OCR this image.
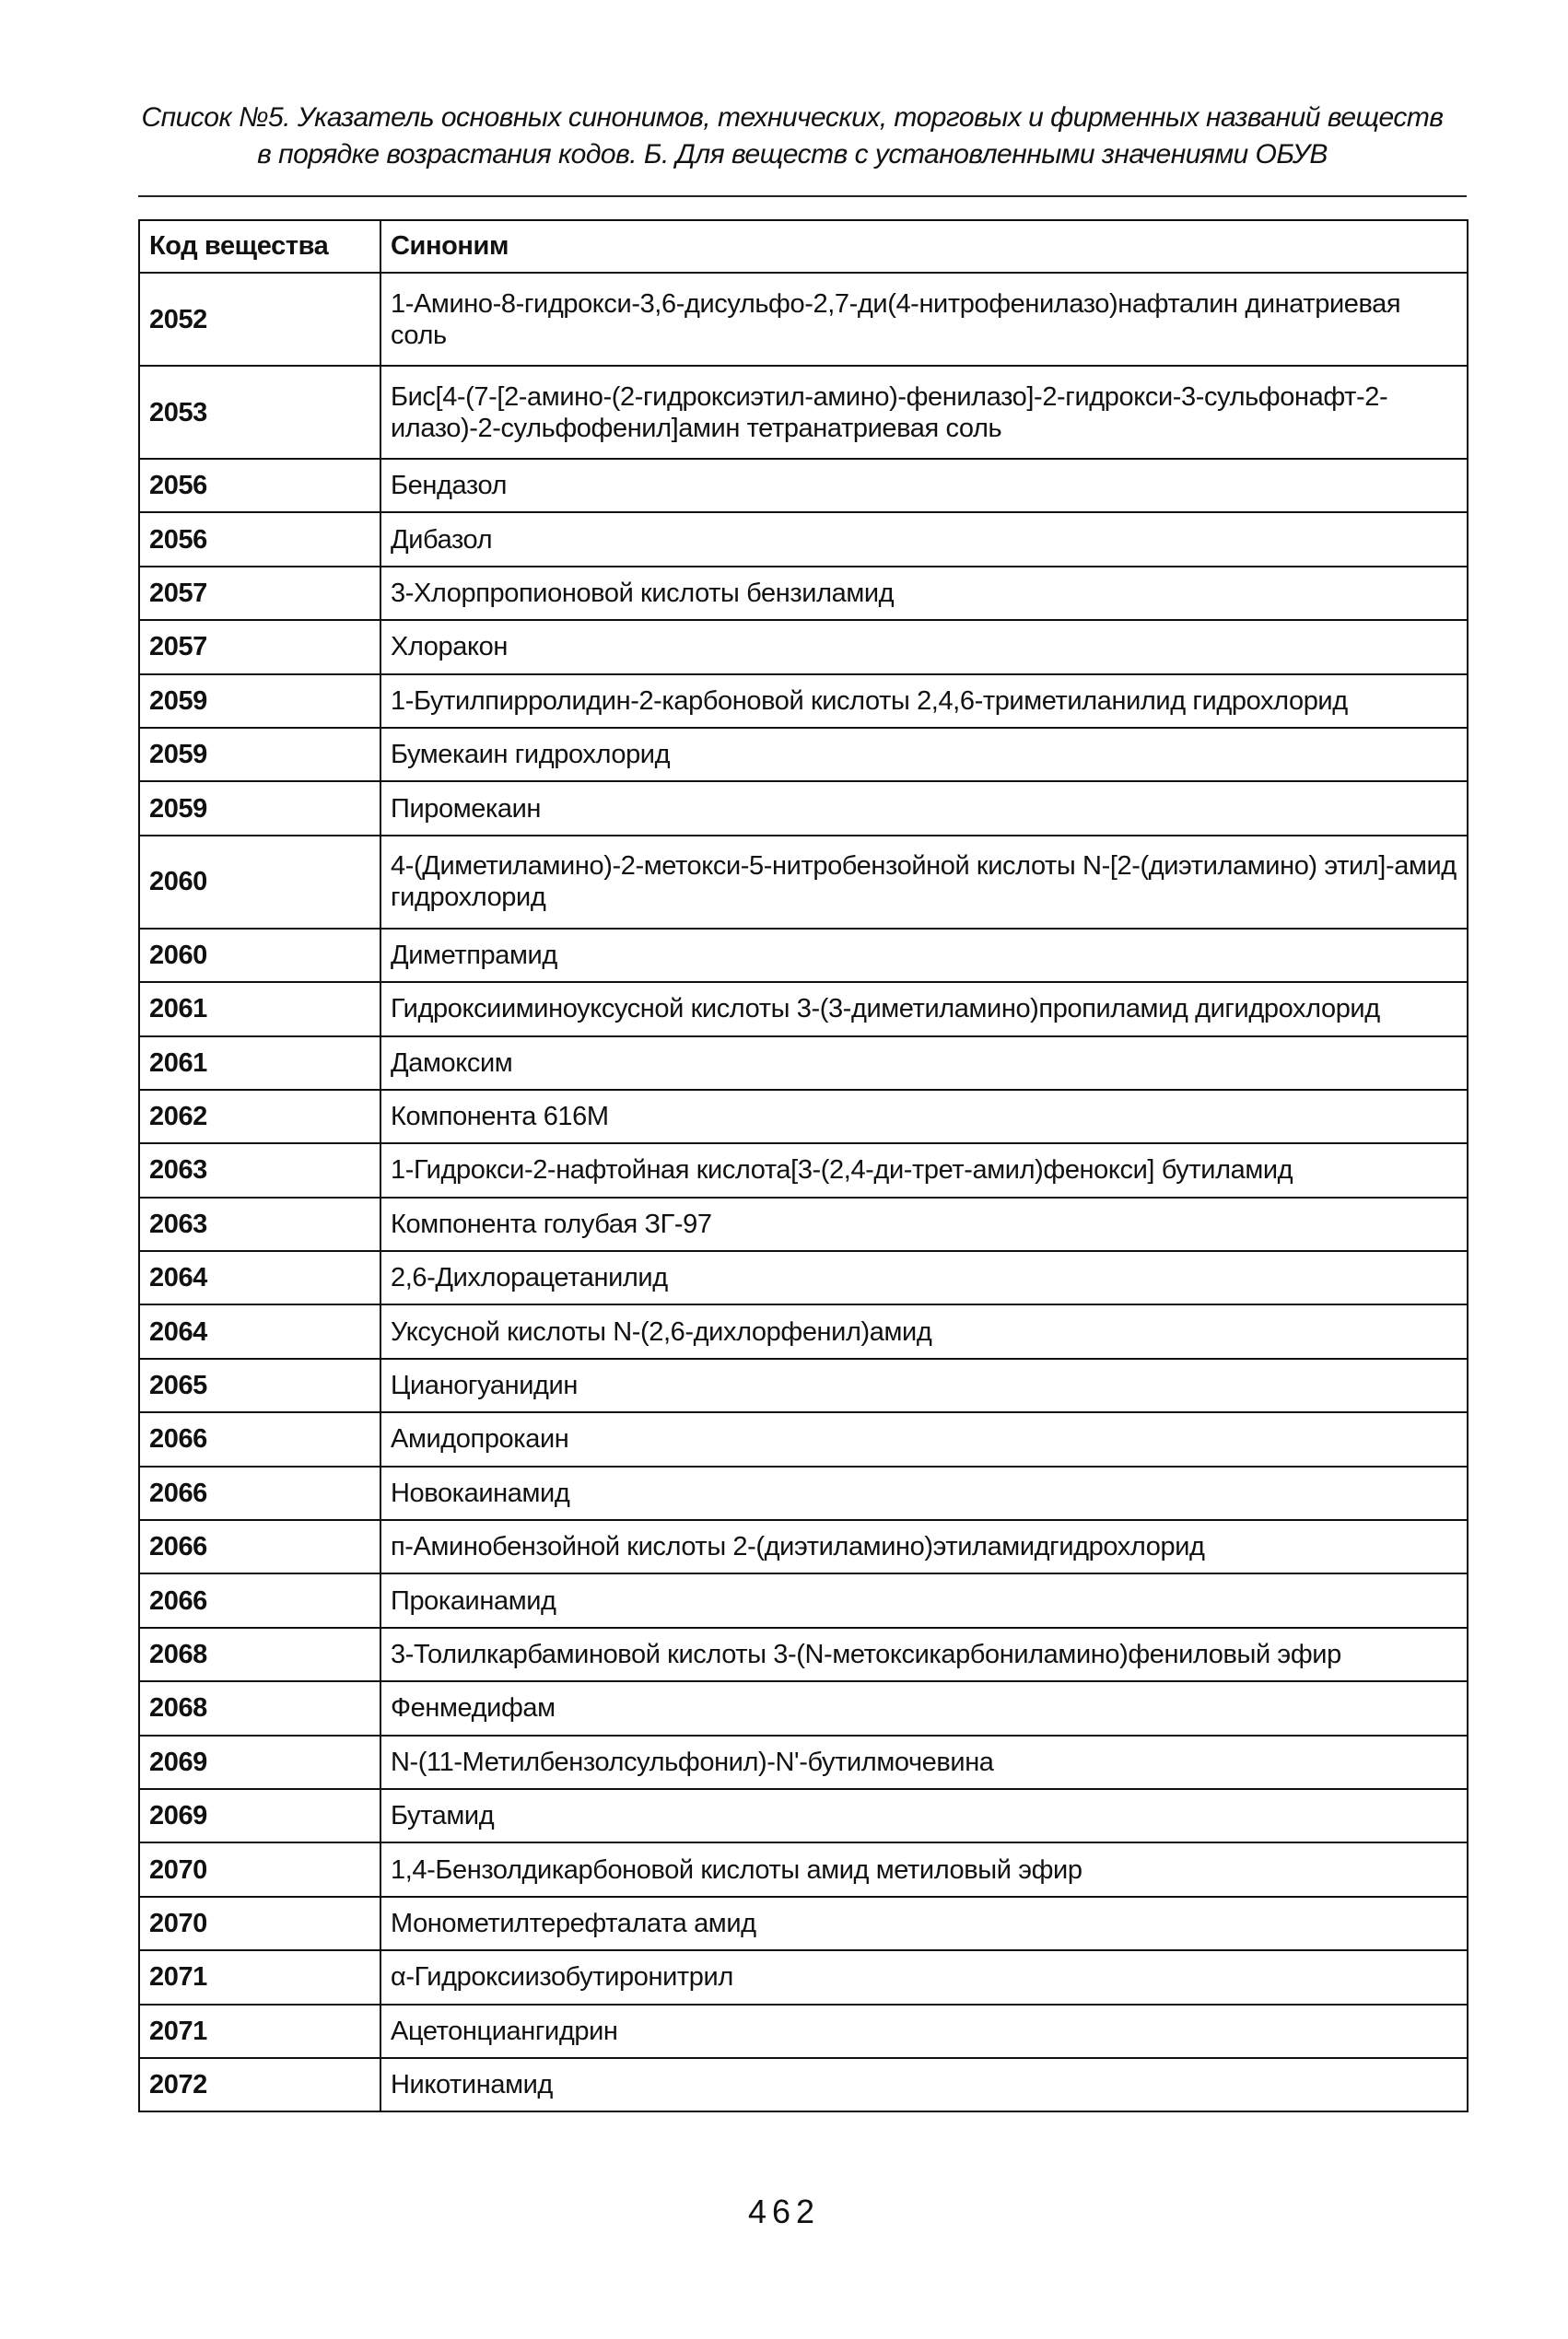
Список №5. Указатель основных синонимов, технических, торговых и фирменных названий веществ
в порядке возрастания кодов. Б. Для веществ с установленными значениями ОБУВ
Код вещества	Синоним
2052	1-Амино-8-гидрокси-3,6-дисульфо-2,7-ди(4-нитрофенилазо)нафталин динатриевая соль
2053	Бис[4-(7-[2-амино-(2-гидроксиэтил-амино)-фенилазо]-2-гидрокси-3-сульфонафт-2-илазо)-2-сульфофенил]амин тетранатриевая соль
2056	Бендазол
2056	Дибазол
2057	3-Хлорпропионовой кислоты бензиламид
2057	Хлоракон
2059	1-Бутилпирролидин-2-карбоновой кислоты 2,4,6-триметиланилид гидрохлорид
2059	Бумекаин гидрохлорид
2059	Пиромекаин
2060	4-(Диметиламино)-2-метокси-5-нитробензойной кислоты N-[2-(диэтиламино) этил]-амид гидрохлорид
2060	Диметпрамид
2061	Гидроксииминоуксусной кислоты 3-(3-диметиламино)пропиламид дигидрохлорид
2061	Дамоксим
2062	Компонента 616М
2063	1-Гидрокси-2-нафтойная кислота[3-(2,4-ди-трет-амил)фенокси] бутиламид
2063	Компонента голубая ЗГ-97
2064	2,6-Дихлорацетанилид
2064	Уксусной кислоты N-(2,6-дихлорфенил)амид
2065	Цианогуанидин
2066	Амидопрокаин
2066	Новокаинамид
2066	п-Аминобензойной кислоты 2-(диэтиламино)этиламидгидрохлорид
2066	Прокаинамид
2068	3-Толилкарбаминовой кислоты 3-(N-метоксикарбониламино)фениловый эфир
2068	Фенмедифам
2069	N-(11-Метилбензолсульфонил)-N'-бутилмочевина
2069	Бутамид
2070	1,4-Бензолдикарбоновой кислоты амид метиловый эфир
2070	Монометилтерефталата амид
2071	α-Гидроксиизобутиронитрил
2071	Ацетонциангидрин
2072	Никотинамид
462
